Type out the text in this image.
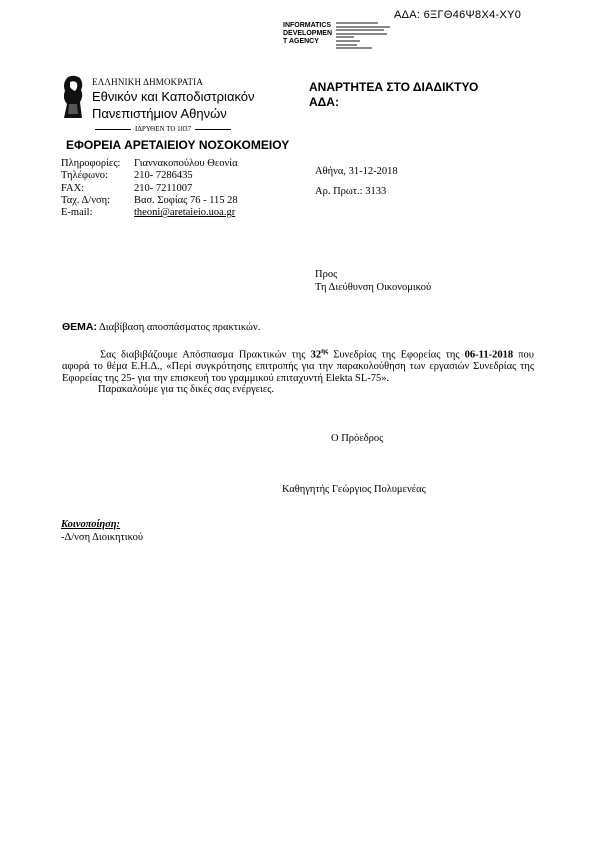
ΑΔΑ: 6ΞΓΘ46Ψ8Χ4-ΧΥ0
INFORMATICS
DEVELOPMEN
T AGENCY
ΕΛΛΗΝΙΚΗ ΔΗΜΟΚΡΑΤΙΑ
Εθνικόν και Καποδιστριακόν
Πανεπιστήμιον Αθηνών
ΙΔΡΥΘΕΝ ΤΟ 1837
ΕΦΟΡΕΙΑ ΑΡΕΤΑΙΕΙΟΥ ΝΟΣΟΚΟΜΕΙΟΥ
ΑΝΑΡΤΗΤΕΑ ΣΤΟ ΔΙΑΔΙΚΤΥΟ
ΑΔΑ:
Πληροφορίες:	Γιαννακοπούλου Θεονία
Τηλέφωνο:	210- 7286435
FAX:	210- 7211007
Ταχ. Δ/νση:	Βασ. Σοφίας 76 - 115 28
E-mail:	theoni@aretaieio.uoa.gr
Αθήνα, 31-12-2018
Αρ. Πρωτ.: 3133
Προς
Τη Διεύθυνση Οικονομικού
ΘΕΜΑ: Διαβίβαση αποσπάσματος πρακτικών.

Σας διαβιβάζουμε Απόσπασμα Πρακτικών της $32^{\eta\varsigma}$ Συνεδρίας της Εφορείας της 06-11-2018 που αφορά το θέμα Ε.Η.Δ., «Περί συγκρότησης επιτροπής για την παρακολούθηση των εργασιών Συνεδρίας της Εφορείας της 25- για την επισκευή του γραμμικού επιταχυντή Elekta SL-75».

Παρακαλούμε για τις δικές σας ενέργειες.

Ο Πρόεδρος
Καθηγητής Γεώργιος Πολυμενέας
Κοινοποίηση:
-Δ/νση Διοικητικού
